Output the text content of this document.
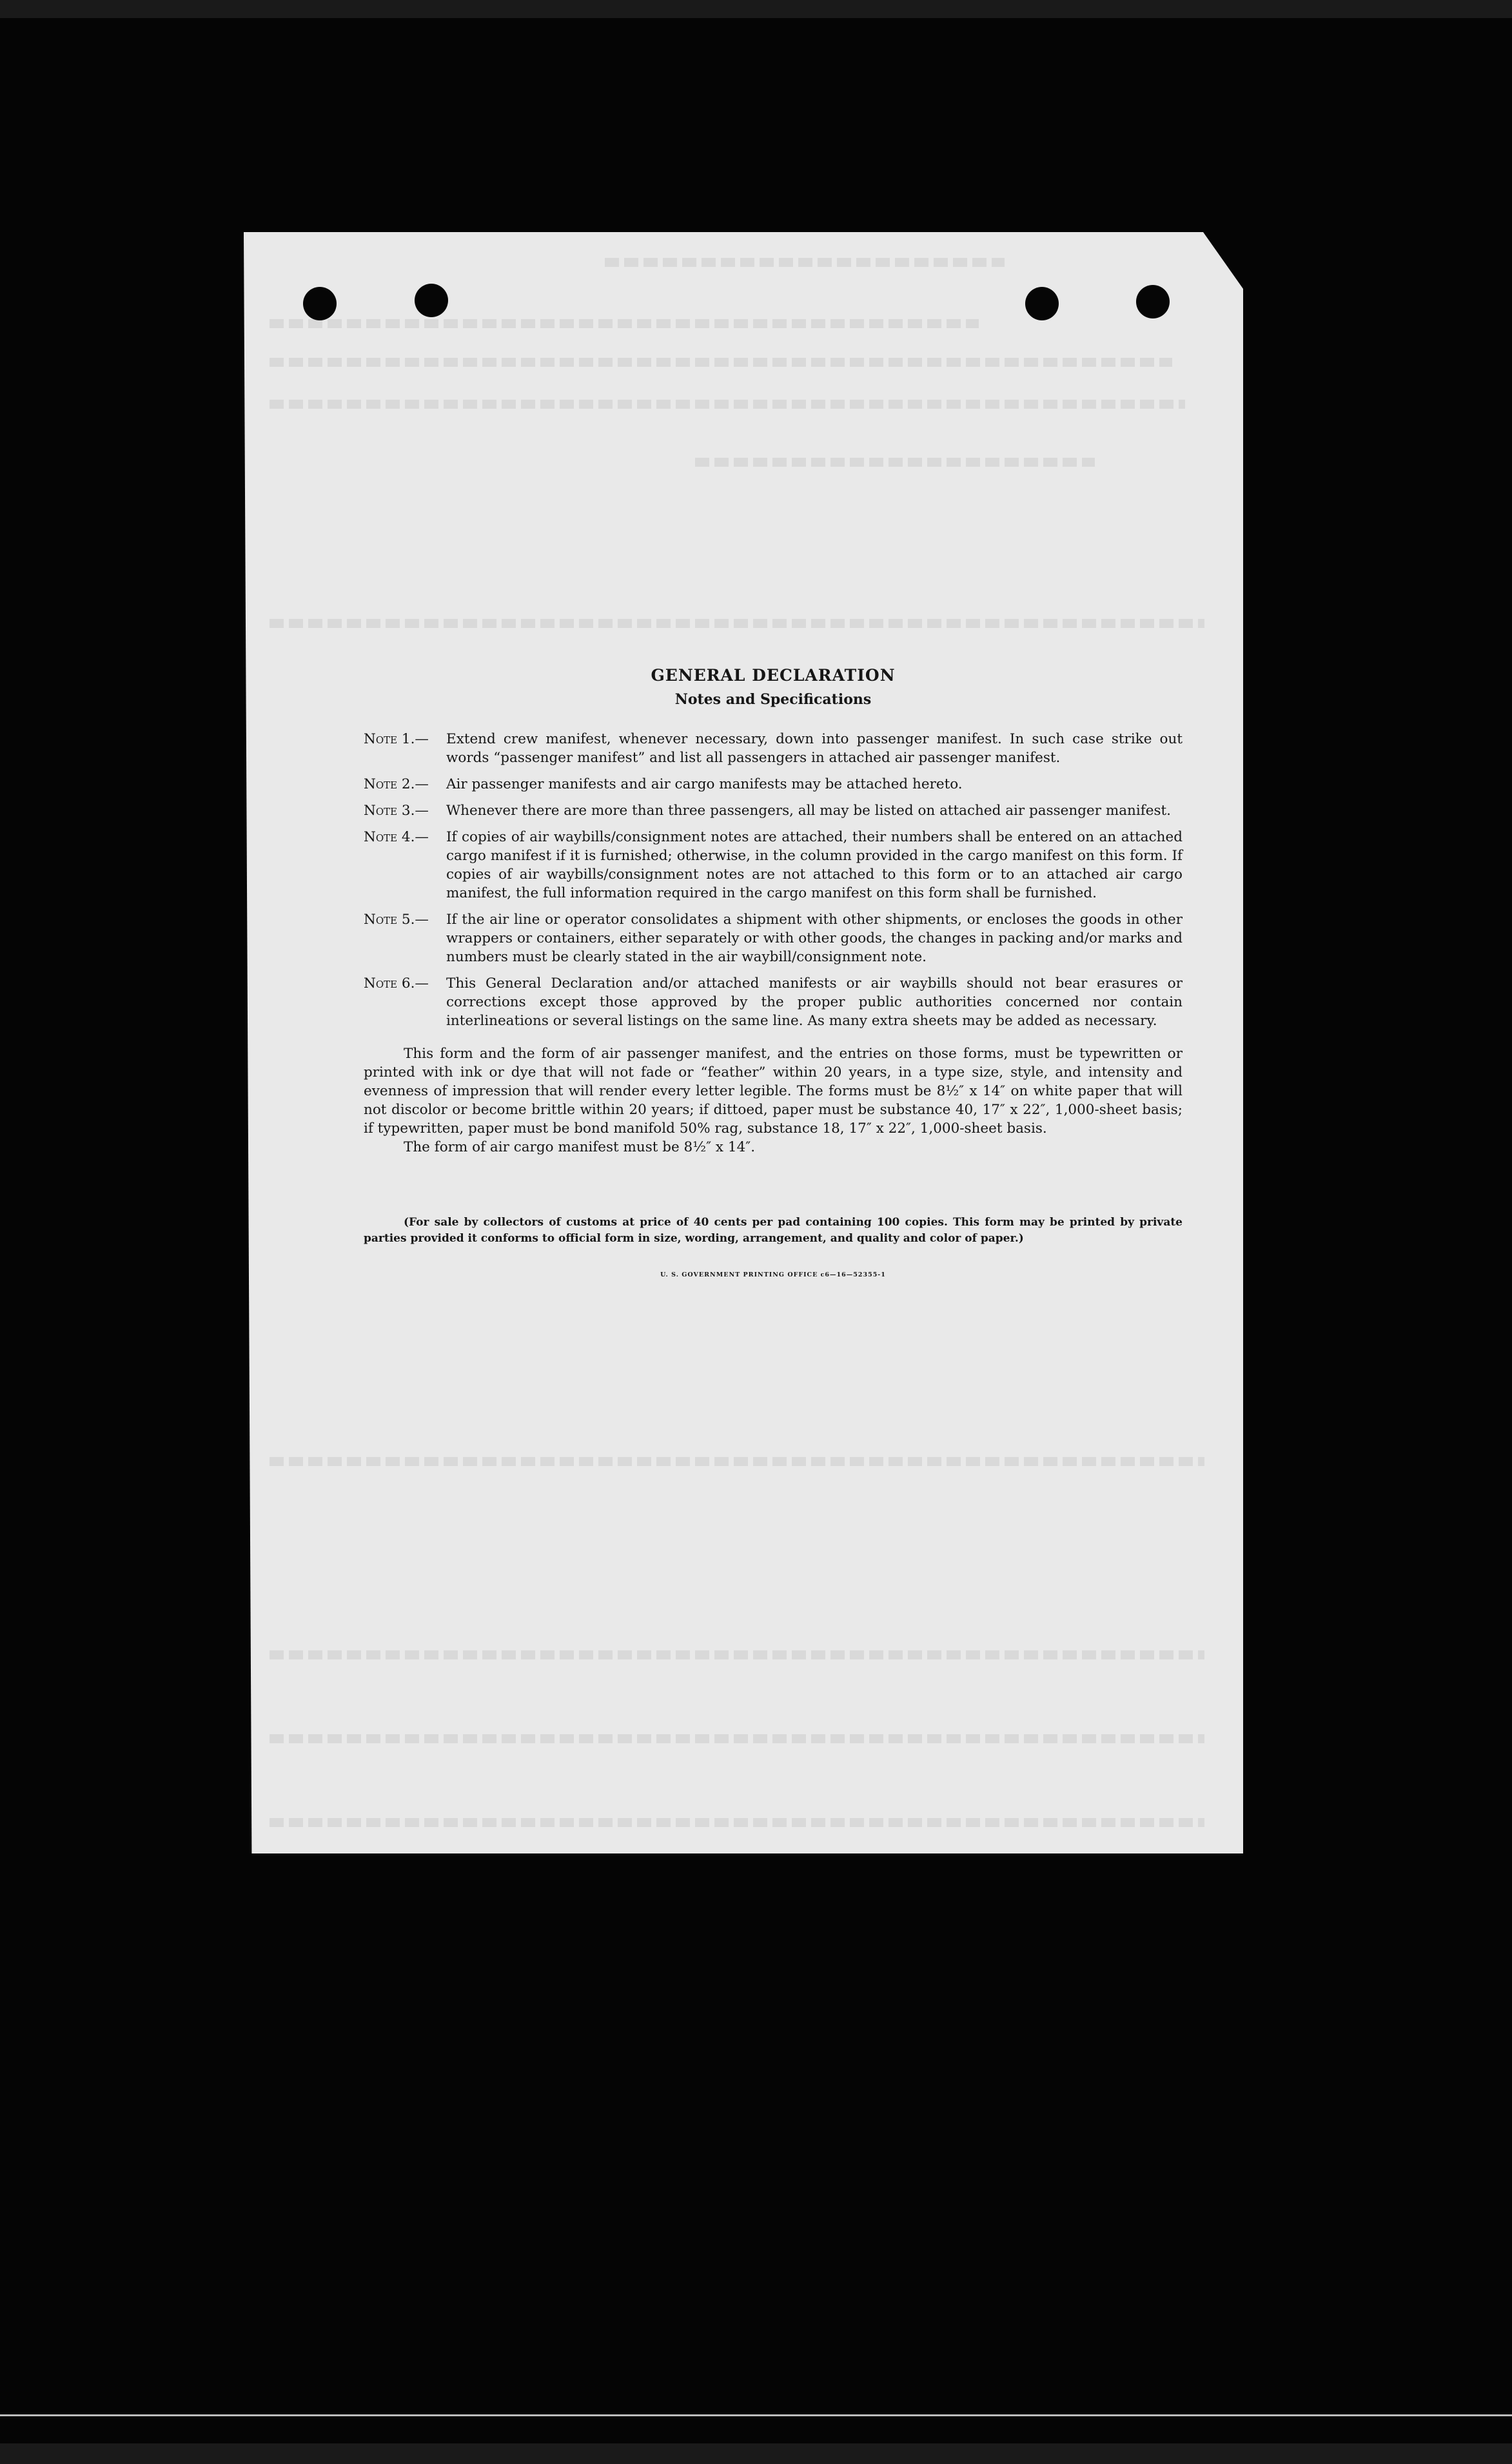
GENERAL DECLARATION
Notes and Specifications
Note 1.— Extend crew manifest, whenever necessary, down into passenger manifest. In such case strike out words “passenger manifest” and list all passengers in attached air passenger manifest.
Note 2.— Air passenger manifests and air cargo manifests may be attached hereto.
Note 3.— Whenever there are more than three passengers, all may be listed on attached air passenger manifest.
Note 4.— If copies of air waybills/consignment notes are attached, their numbers shall be entered on an attached cargo manifest if it is furnished; otherwise, in the column provided in the cargo manifest on this form. If copies of air waybills/consignment notes are not attached to this form or to an attached air cargo manifest, the full information required in the cargo manifest on this form shall be furnished.
Note 5.— If the air line or operator consolidates a shipment with other shipments, or encloses the goods in other wrappers or containers, either separately or with other goods, the changes in packing and/or marks and numbers must be clearly stated in the air waybill/consignment note.
Note 6.— This General Declaration and/or attached manifests or air waybills should not bear erasures or corrections except those approved by the proper public authorities concerned nor contain interlineations or several listings on the same line. As many extra sheets may be added as necessary.
This form and the form of air passenger manifest, and the entries on those forms, must be typewritten or printed with ink or dye that will not fade or “feather” within 20 years, in a type size, style, and intensity and evenness of impression that will render every letter legible. The forms must be 8½″ x 14″ on white paper that will not discolor or become brittle within 20 years; if dittoed, paper must be substance 40, 17″ x 22″, 1,000-sheet basis; if typewritten, paper must be bond manifold 50% rag, substance 18, 17″ x 22″, 1,000-sheet basis.
The form of air cargo manifest must be 8½″ x 14″.
(For sale by collectors of customs at price of 40 cents per pad containing 100 copies. This form may be printed by private parties provided it conforms to official form in size, wording, arrangement, and quality and color of paper.)
U. S. GOVERNMENT PRINTING OFFICE c6—16—52355-1
